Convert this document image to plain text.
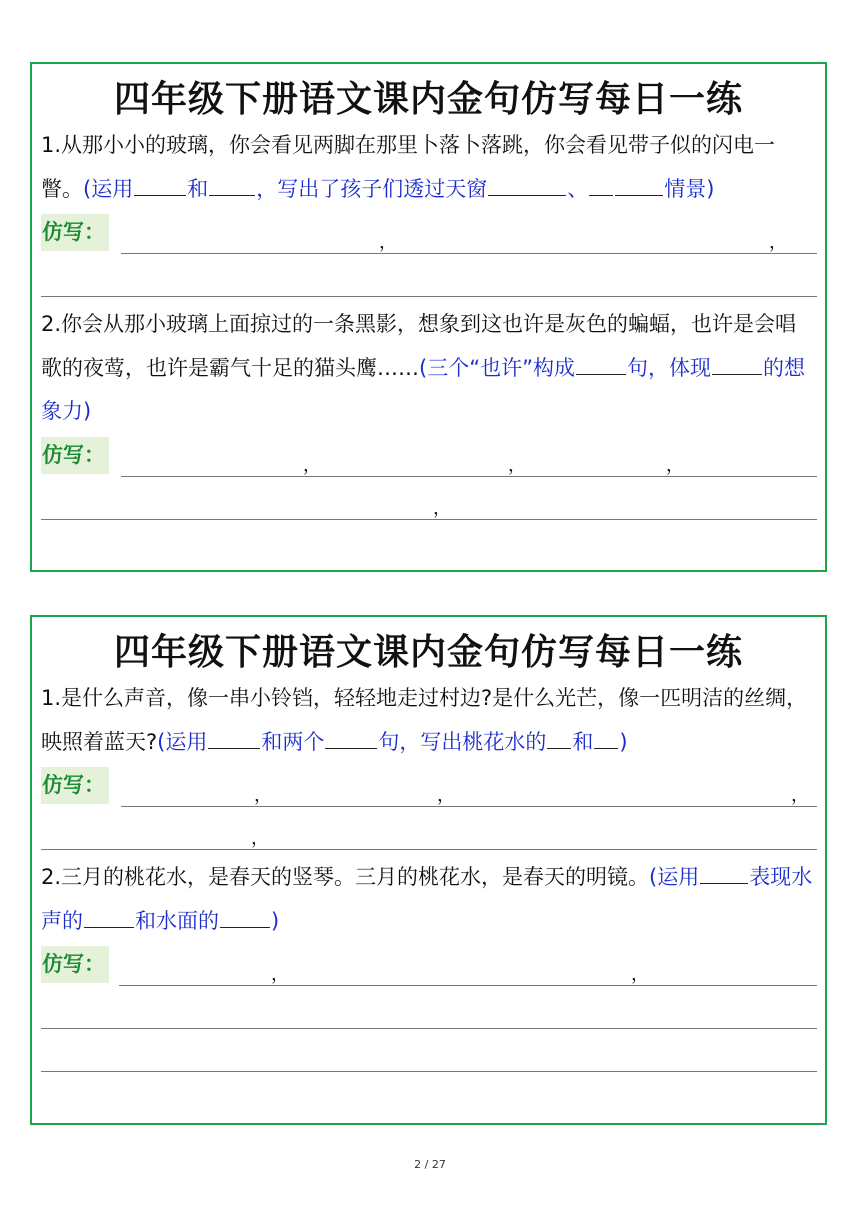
四年级下册语文课内金句仿写每日一练
1.从那小小的玻璃，你会看见两脚在那里卜落卜落跳，你会看见带子似的闪电一瞥。(运用	和 ，写出了孩子们透过天窗	、	情景)
仿写：	，	，
2.你会从那小玻璃上面掠过的一条黑影，想象到这也许是灰色的蝙蝠，也许是会唱歌的夜莺，也许是霸气十足的猫头鹰……(三个“也许”构成 句，体现 的想象力)
仿写：	，	，	，
，
四年级下册语文课内金句仿写每日一练
1.是什么声音，像一串小铃铛，轻轻地走过村边?是什么光芒，像一匹明洁的丝绸，映照着蓝天?(运用	和两个	句，写出桃花水的 和 )
仿写：	，	，	，
，
2.三月的桃花水，是春天的竖琴。三月的桃花水，是春天的明镜。(运用 表现水声的 和水面的 )
仿写：	，	，
2 / 27
